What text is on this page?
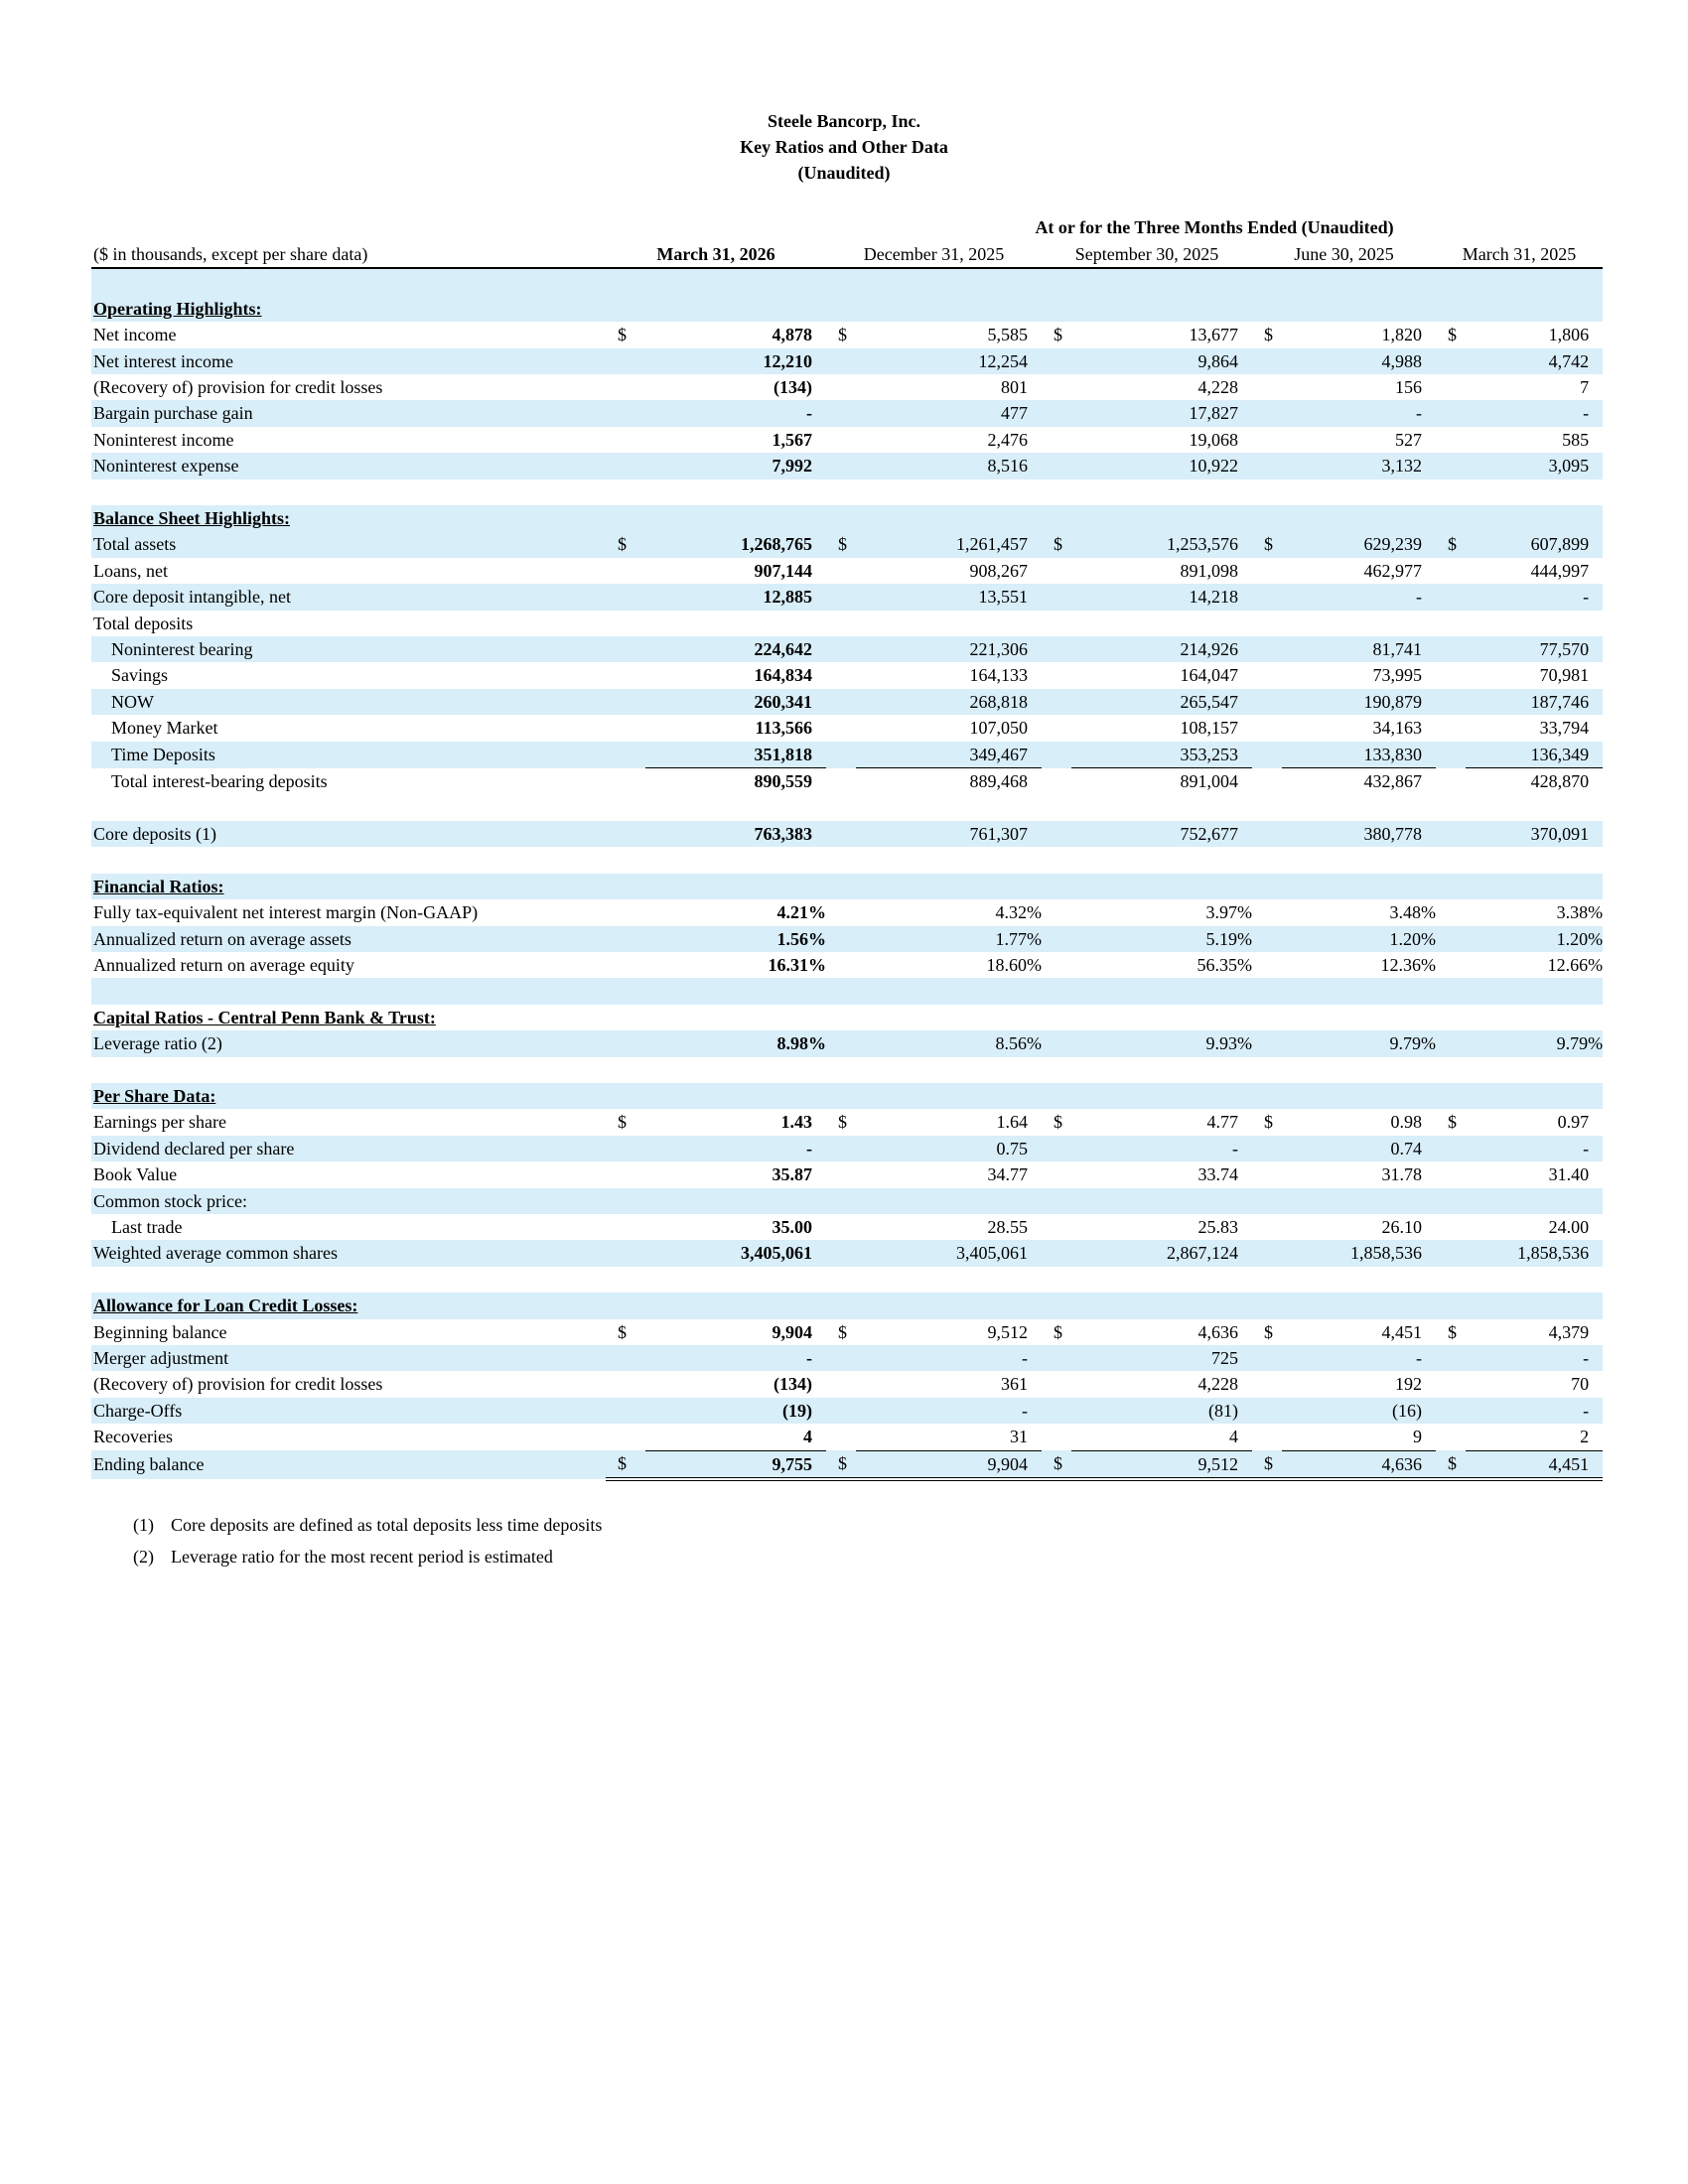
Steele Bancorp, Inc.
Key Ratios and Other Data
(Unaudited)
			At or for the Three Months Ended (Unaudited)							
($ in thousands, except per share data)	March 31, 2026		December 31, 2025		September 30, 2025		June 30, 2025		March 31, 2025	

Operating Highlights:										
Net income	$	4,878	$	5,585	$	13,677	$	1,820	$	1,806
Net interest income		12,210		12,254		9,864		4,988		4,742
(Recovery of) provision for credit losses		(134)		801		4,228		156		7
Bargain purchase gain		-		477		17,827		-		-
Noninterest income		1,567		2,476		19,068		527		585
Noninterest expense		7,992		8,516		10,922		3,132		3,095

Balance Sheet Highlights:										
Total assets	$	1,268,765	$	1,261,457	$	1,253,576	$	629,239	$	607,899
Loans, net		907,144		908,267		891,098		462,977		444,997
Core deposit intangible, net		12,885		13,551		14,218		-		-
Total deposits										
Noninterest bearing		224,642		221,306		214,926		81,741		77,570
Savings		164,834		164,133		164,047		73,995		70,981
NOW		260,341		268,818		265,547		190,879		187,746
Money Market		113,566		107,050		108,157		34,163		33,794
Time Deposits		351,818		349,467		353,253		133,830		136,349
Total interest-bearing deposits		890,559		889,468		891,004		432,867		428,870

Core deposits (1)		763,383		761,307		752,677		380,778		370,091

Financial Ratios:										
Fully tax-equivalent net interest margin (Non-GAAP)		4.21%		4.32%		3.97%		3.48%		3.38%
Annualized return on average assets		1.56%		1.77%		5.19%		1.20%		1.20%
Annualized return on average equity		16.31%		18.60%		56.35%		12.36%		12.66%

Capital Ratios - Central Penn Bank & Trust:										
Leverage ratio (2)		8.98%		8.56%		9.93%		9.79%		9.79%

Per Share Data:										
Earnings per share	$	1.43	$	1.64	$	4.77	$	0.98	$	0.97
Dividend declared per share		-		0.75		-		0.74		-
Book Value		35.87		34.77		33.74		31.78		31.40
Common stock price:										
Last trade		35.00		28.55		25.83		26.10		24.00
Weighted average common shares		3,405,061		3,405,061		2,867,124		1,858,536		1,858,536

Allowance for Loan Credit Losses:										
Beginning balance	$	9,904	$	9,512	$	4,636	$	4,451	$	4,379
Merger adjustment		-		-		725		-		-
(Recovery of) provision for credit losses		(134)		361		4,228		192		70
Charge-Offs		(19)		-		(81)		(16)		-
Recoveries		4		31		4		9		2
Ending balance	$	9,755	$	9,904	$	9,512	$	4,636	$	4,451
(1) Core deposits are defined as total deposits less time deposits
(2) Leverage ratio for the most recent period is estimated
